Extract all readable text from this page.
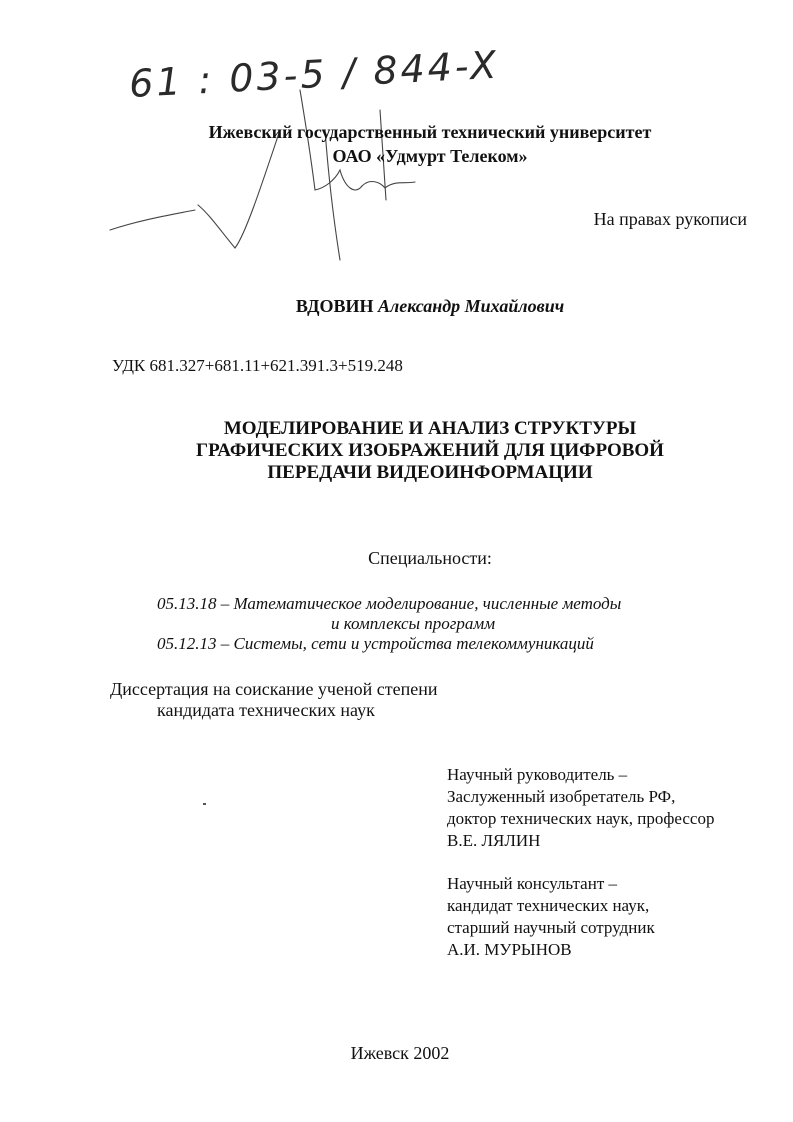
61 : 03-5 / 844-X
Ижевский государственный технический университет
ОАО «Удмурт Телеком»
На правах рукописи
ВДОВИН Александр Михайлович
УДК 681.327+681.11+621.391.3+519.248
МОДЕЛИРОВАНИЕ И АНАЛИЗ СТРУКТУРЫ
ГРАФИЧЕСКИХ ИЗОБРАЖЕНИЙ ДЛЯ ЦИФРОВОЙ
ПЕРЕДАЧИ ВИДЕОИНФОРМАЦИИ
Специальности:
05.13.18 – Математическое моделирование, численные методы
и комплексы программ
05.12.13 – Системы, сети и устройства телекоммуникаций
Диссертация на соискание ученой степени
кандидата технических наук
Научный руководитель –
Заслуженный изобретатель РФ,
доктор технических наук, профессор
В.Е. ЛЯЛИН
Научный консультант –
кандидат технических наук,
старший научный сотрудник
А.И. МУРЫНОВ
Ижевск 2002
